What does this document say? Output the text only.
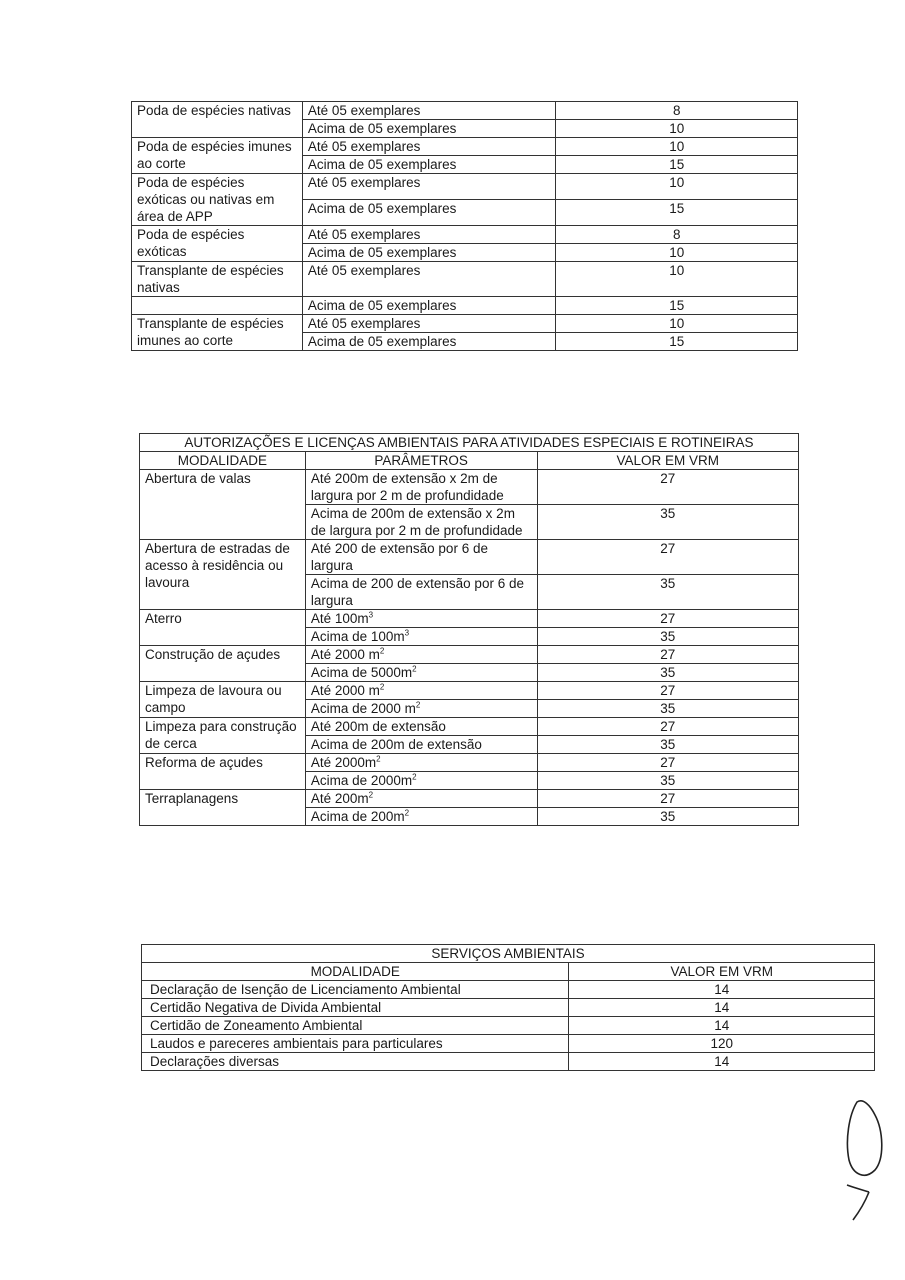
Poda de espécies nativas	Até 05 exemplares	8
	Acima de 05 exemplares	10
Poda de espécies imunes ao corte	Até 05 exemplares	10
	Acima de 05 exemplares	15
Poda de espécies exóticas ou nativas em área de APP	Até 05 exemplares	10
	Acima de 05 exemplares	15
Poda de espécies exóticas	Até 05 exemplares	8
	Acima de 05 exemplares	10
Transplante de espécies nativas	Até 05 exemplares	10
	Acima de 05 exemplares	15
Transplante de espécies imunes ao corte	Até 05 exemplares	10
	Acima de 05 exemplares	15
AUTORIZAÇÕES E LICENÇAS AMBIENTAIS PARA ATIVIDADES ESPECIAIS E ROTINEIRAS		
MODALIDADE	PARÂMETROS	VALOR EM VRM
Abertura de valas	Até 200m de extensão x 2m de largura por 2 m de profundidade	27
	Acima de 200m de extensão x 2m de largura por 2 m de profundidade	35
Abertura de estradas de acesso à residência ou lavoura	Até 200 de extensão por 6 de largura	27
	Acima de 200 de extensão por 6 de largura	35
Aterro	Até $100m^3$	27
	Acima de $100m^3$	35
Construção de açudes	Até 2000 $m^2$	27
	Acima de $5000m^2$	35
Limpeza de lavoura ou campo	Até 2000 $m^2$	27
	Acima de 2000 $m^2$	35
Limpeza para construção de cerca	Até 200m de extensão	27
	Acima de 200m de extensão	35
Reforma de açudes	Até $2000m^2$	27
	Acima de $2000m^2$	35
Terraplanagens	Até $200m^2$	27
	Acima de $200m^2$	35
SERVIÇOS AMBIENTAIS	
MODALIDADE	VALOR EM VRM
Declaração de Isenção de Licenciamento Ambiental	14
Certidão Negativa de Divida Ambiental	14
Certidão de Zoneamento Ambiental	14
Laudos e pareceres ambientais para particulares	120
Declarações diversas	14
